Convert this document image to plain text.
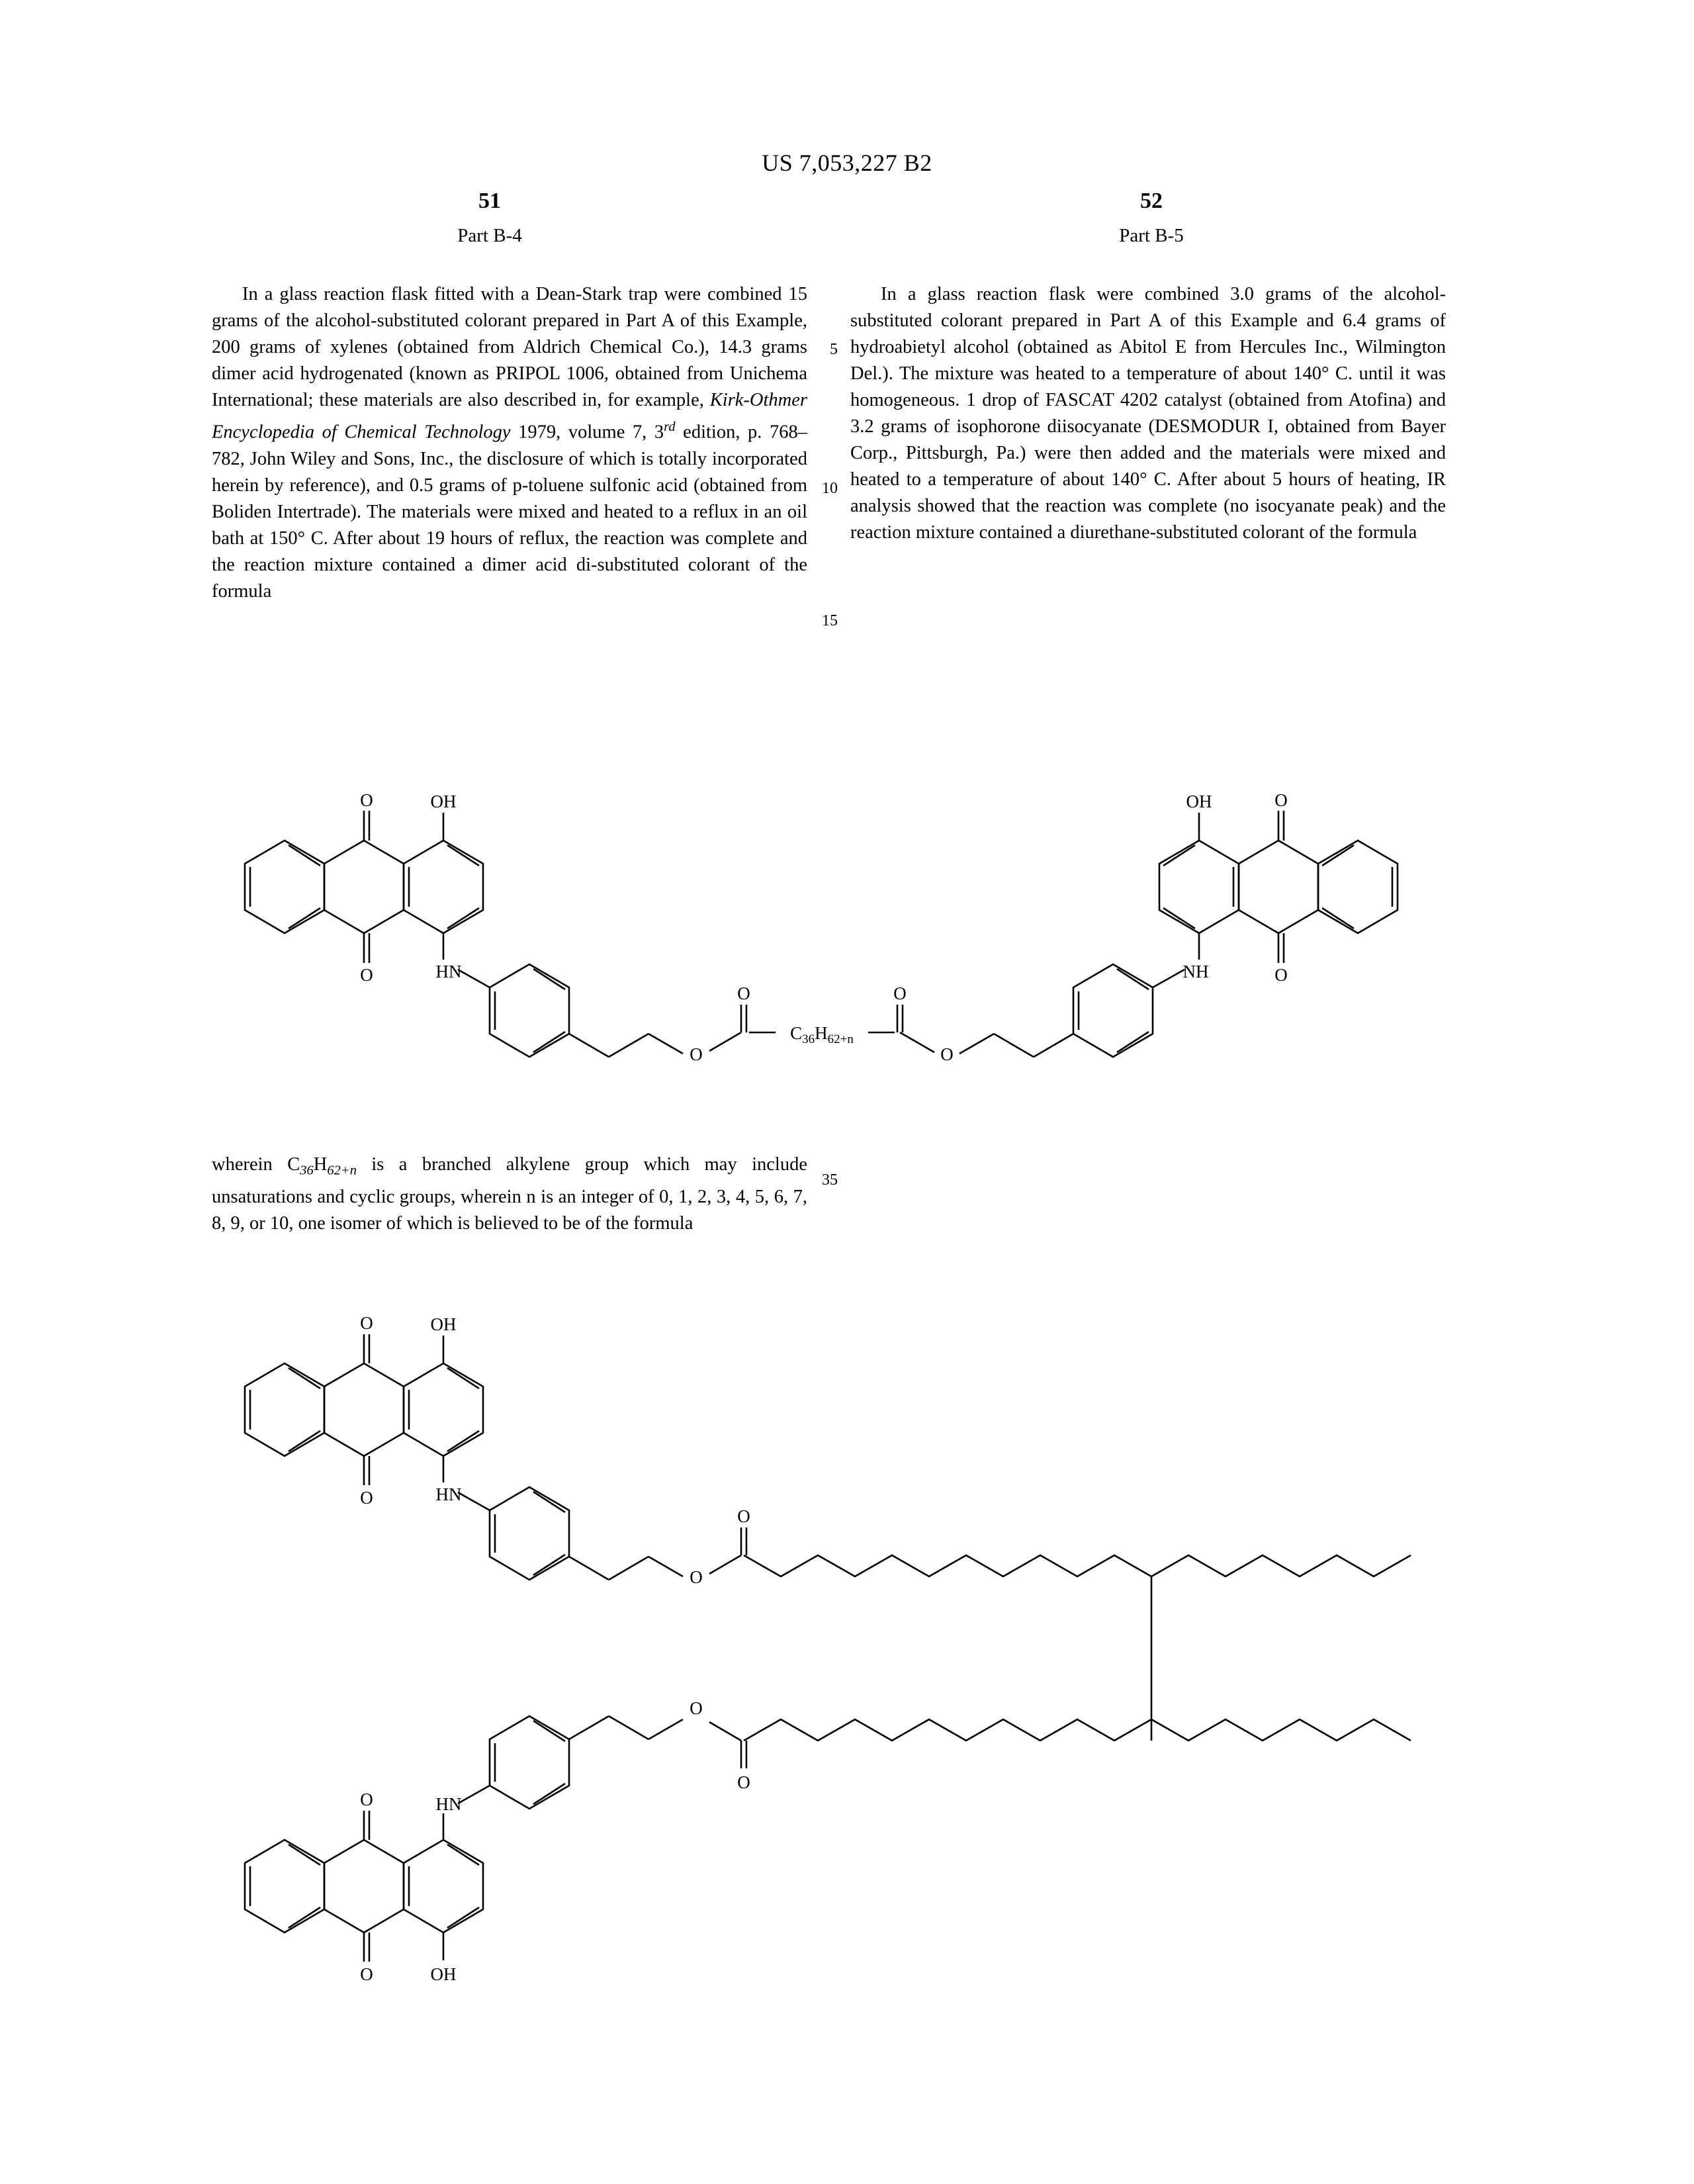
US 7,053,227 B2
51	52
Part B-4	Part B-5

In a glass reaction flask fitted with a Dean-Stark trap were combined 15 grams of the alcohol-substituted colorant prepared in Part A of this Example, 200 grams of xylenes (obtained from Aldrich Chemical Co.), 14.3 grams dimer acid hydrogenated (known as PRIPOL 1006, obtained from Unichema International; these materials are also described in, for example, Kirk-Othmer Encyclopedia of Chemical Technology 1979, volume 7, 3rd edition, p. 768–782, John Wiley and Sons, Inc., the disclosure of which is totally incorporated herein by reference), and 0.5 grams of p-toluene sulfonic acid (obtained from Boliden Intertrade). The materials were mixed and heated to a reflux in an oil bath at 150° C. After about 19 hours of reflux, the reaction was complete and the reaction mixture contained a dimer acid di-substituted colorant of the formula

In a glass reaction flask were combined 3.0 grams of the alcohol-substituted colorant prepared in Part A of this Example and 6.4 grams of hydroabietyl alcohol (obtained as Abitol E from Hercules Inc., Wilmington Del.). The mixture was heated to a temperature of about 140° C. until it was homogeneous. 1 drop of FASCAT 4202 catalyst (obtained from Atofina) and 3.2 grams of isophorone diisocyanate (DESMODUR I, obtained from Bayer Corp., Pittsburgh, Pa.) were then added and the materials were mixed and heated to a temperature of about 140° C. After about 5 hours of heating, IR analysis showed that the reaction was complete (no isocyanate peak) and the reaction mixture contained a diurethane-substituted colorant of the formula

5
10
15
35
O	OH
O	HN
O
O	O
O
NH
OH	O
O
$C_{36}H_{62+n}$

wherein $C_{36}H_{62+n}$ is a branched alkylene group which may include unsaturations and cyclic groups, wherein n is an integer of 0, 1, 2, 3, 4, 5, 6, 7, 8, 9, or 10, one isomer of which is believed to be of the formula

O	OH
O	HN
O
O
O
O
HN
O
O	OH
